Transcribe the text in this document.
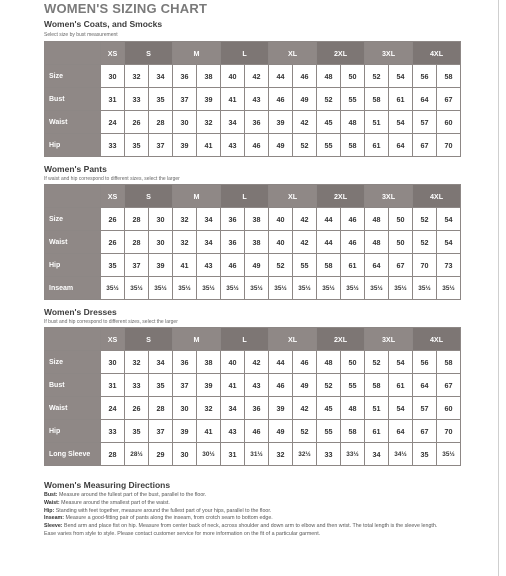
WOMEN'S SIZING CHART
Women's Coats, and Smocks
Select size by bust measurement
	XS	S		M		L		XL		2XL		3XL		4XL	
Size	30	32	34	36	38	40	42	44	46	48	50	52	54	56	58
Bust	31	33	35	37	39	41	43	46	49	52	55	58	61	64	67
Waist	24	26	28	30	32	34	36	39	42	45	48	51	54	57	60
Hip	33	35	37	39	41	43	46	49	52	55	58	61	64	67	70
Women's Pants
If waist and hip correspond to different sizes, select the larger
	XS	S		M		L		XL		2XL		3XL		4XL	
Size	26	28	30	32	34	36	38	40	42	44	46	48	50	52	54
Waist	26	28	30	32	34	36	38	40	42	44	46	48	50	52	54
Hip	35	37	39	41	43	46	49	52	55	58	61	64	67	70	73
Inseam	35½	35½	35½	35½	35½	35½	35½	35½	35½	35½	35½	35½	35½	35½	35½
Women's Dresses
If bust and hip correspond to different sizes, select the larger
	XS	S		M		L		XL		2XL		3XL		4XL	
Size	30	32	34	36	38	40	42	44	46	48	50	52	54	56	58
Bust	31	33	35	37	39	41	43	46	49	52	55	58	61	64	67
Waist	24	26	28	30	32	34	36	39	42	45	48	51	54	57	60
Hip	33	35	37	39	41	43	46	49	52	55	58	61	64	67	70
Long Sleeve	28	28½	29	30	30½	31	31½	32	32½	33	33½	34	34½	35	35½
Women's Measuring Directions
Bust: Measure around the fullest part of the bust, parallel to the floor.
Waist: Measure around the smallest part of the waist.
Hip: Standing with feet together, measure around the fullest part of your hips, parallel to the floor.
Inseam: Measure a good-fitting pair of pants along the inseam, from crotch seam to bottom edge.
Sleeve: Bend arm and place fist on hip. Measure from center back of neck, across shoulder and down arm to elbow and then wrist. The total length is the sleeve length.
Ease varies from style to style. Please contact customer service for more information on the fit of a particular garment.
